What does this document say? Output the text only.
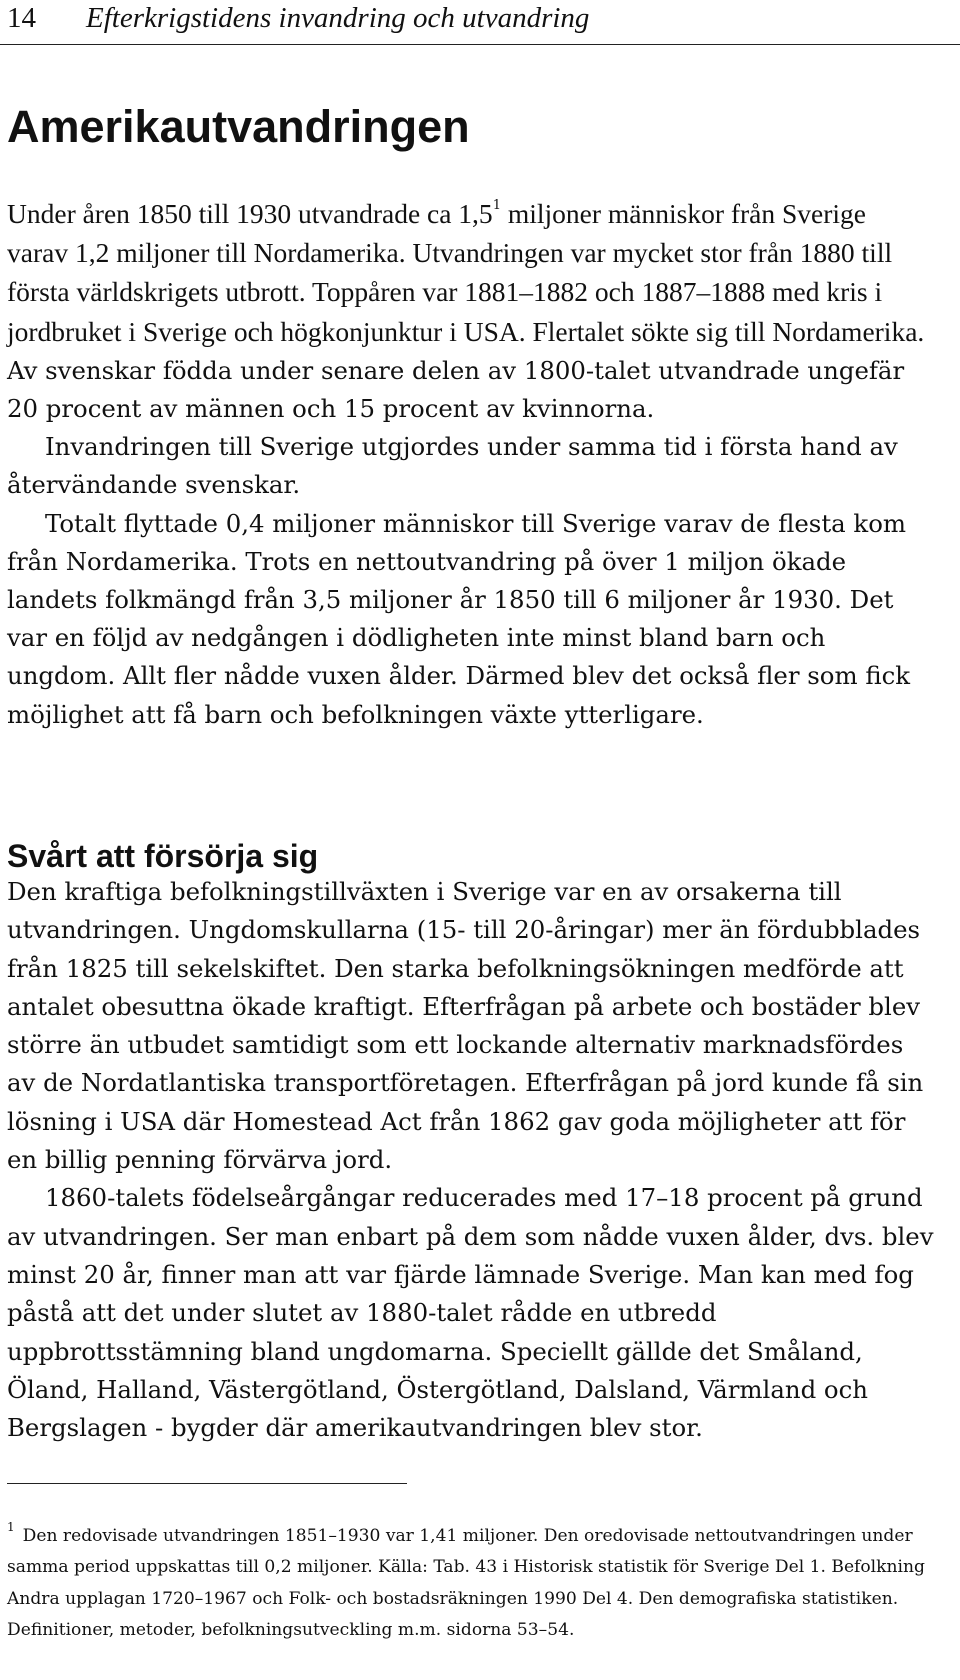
14 Efterkrigstidens invandring och utvandring
Amerikautvandringen

Under åren 1850 till 1930 utvandrade ca 1,5$^1$ miljoner människor från Sverige varav 1,2 miljoner till Nordamerika. Utvandringen var mycket stor från 1880 till första världskrigets utbrott. Toppåren var 1881–1882 och 1887–1888 med kris i jordbruket i Sverige och högkonjunktur i USA. Flertalet sökte sig till Nordamerika. Av svenskar födda under senare delen av 1800-talet utvandrade ungefär 20 procent av männen och 15 procent av kvinnorna.

Invandringen till Sverige utgjordes under samma tid i första hand av återvändande svenskar.

Totalt flyttade 0,4 miljoner människor till Sverige varav de flesta kom från Nordamerika. Trots en nettoutvandring på över 1 miljon ökade landets folkmängd från 3,5 miljoner år 1850 till 6 miljoner år 1930. Det var en följd av nedgången i dödligheten inte minst bland barn och ungdom. Allt fler nådde vuxen ålder. Därmed blev det också fler som fick möjlighet att få barn och befolkningen växte ytterligare.

Svårt att försörja sig

Den kraftiga befolkningstillväxten i Sverige var en av orsakerna till utvandringen. Ungdomskullarna (15- till 20-åringar) mer än fördubblades från 1825 till sekelskiftet. Den starka befolkningsökningen medförde att antalet obesuttna ökade kraftigt. Efterfrågan på arbete och bostäder blev större än utbudet samtidigt som ett lockande alternativ marknadsfördes av de Nordatlantiska transportföretagen. Efterfrågan på jord kunde få sin lösning i USA där Homestead Act från 1862 gav goda möjligheter att för en billig penning förvärva jord.

1860-talets födelseårgångar reducerades med 17–18 procent på grund av utvandringen. Ser man enbart på dem som nådde vuxen ålder, dvs. blev minst 20 år, finner man att var fjärde lämnade Sverige. Man kan med fog påstå att det under slutet av 1880-talet rådde en utbredd uppbrottsstämning bland ungdomarna. Speciellt gällde det Småland, Öland, Halland, Västergötland, Östergötland, Dalsland, Värmland och Bergslagen - bygder där amerikautvandringen blev stor.

$^1$ Den redovisade utvandringen 1851–1930 var 1,41 miljoner. Den oredovisade nettoutvandringen under samma period uppskattas till 0,2 miljoner. Källa: Tab. 43 i Historisk statistik för Sverige Del 1. Befolkning Andra upplagan 1720–1967 och Folk- och bostadsräkningen 1990 Del 4. Den demografiska statistiken. Definitioner, metoder, befolkningsutveckling m.m. sidorna 53–54.
